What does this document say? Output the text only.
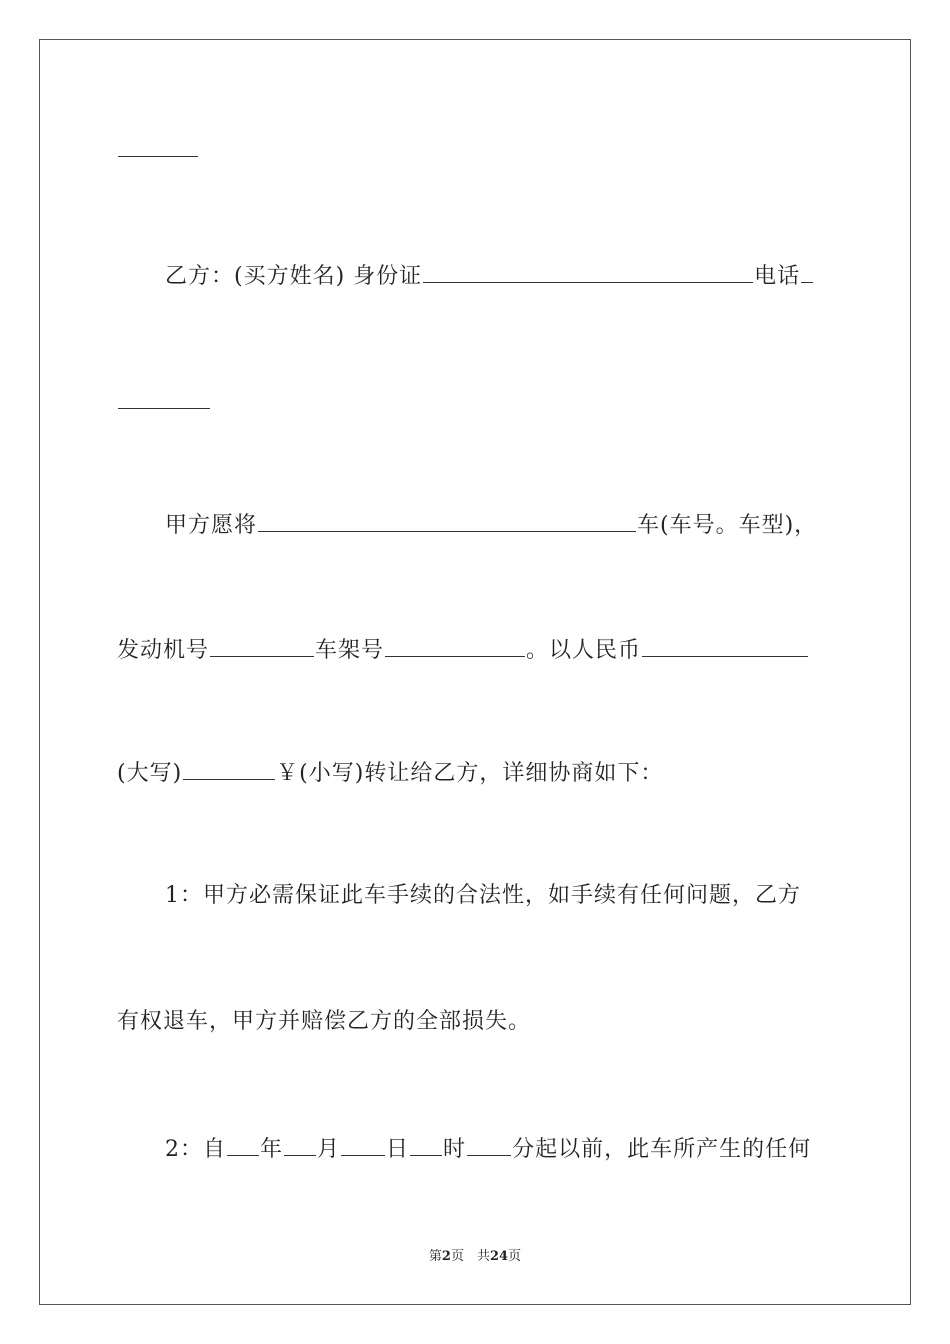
乙方：(买方姓名) 身份证	电话
甲方愿将	车(车号。车型)，
发动机号	车架号	。以人民币
(大写)	￥(小写)转让给乙方，详细协商如下：
1：甲方必需保证此车手续的合法性，如手续有任何问题，乙方
有权退车，甲方并赔偿乙方的全部损失。
2：自 年 月 日 时 分起以前，此车所产生的任何
第2页　共24页
